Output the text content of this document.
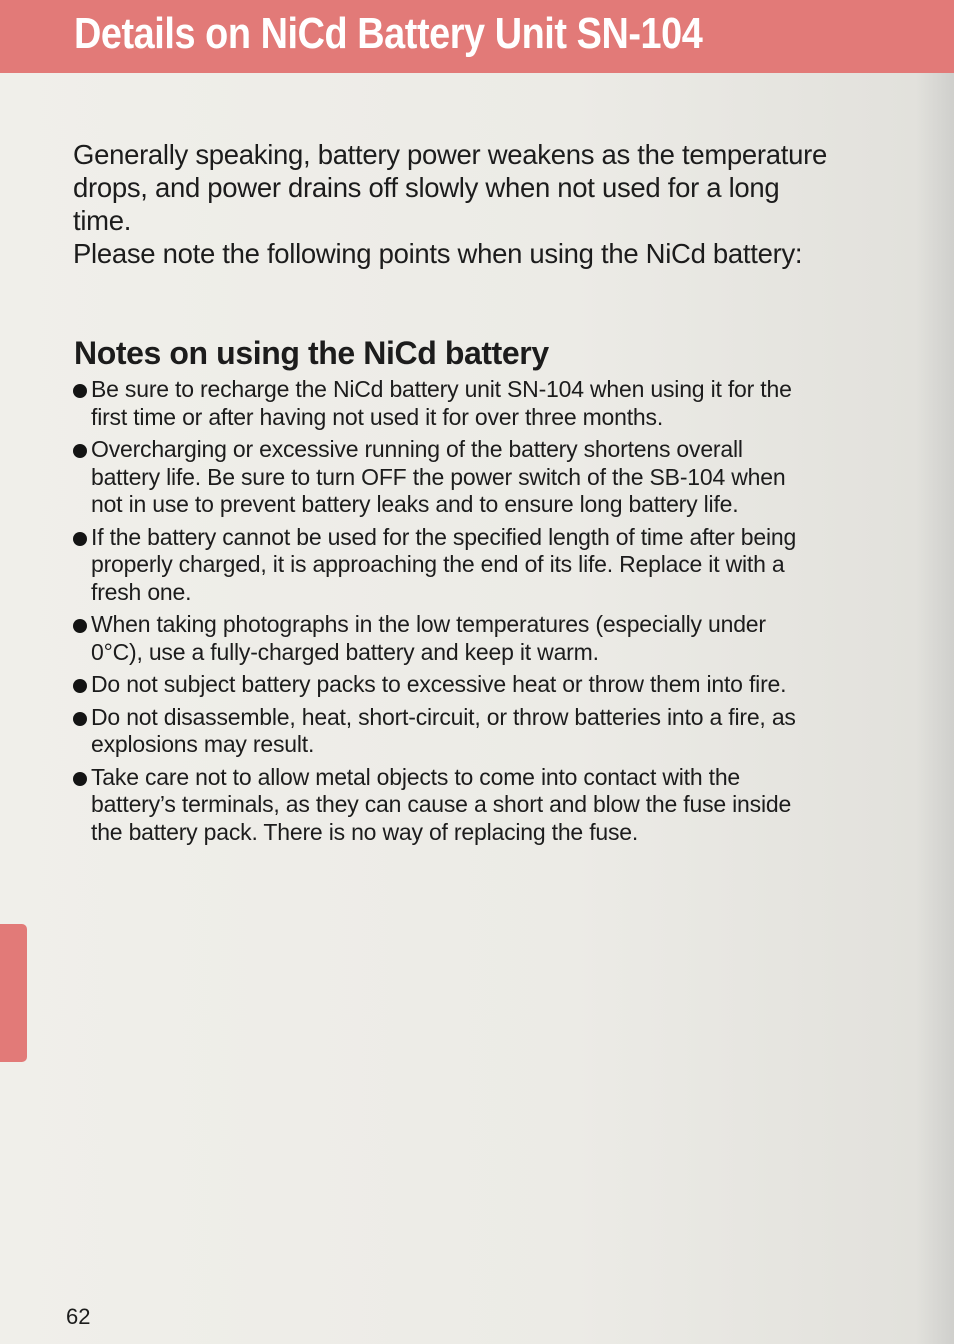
Details on NiCd Battery Unit SN-104

Generally speaking, battery power weakens as the temperature drops, and power drains off slowly when not used for a long time.

Please note the following points when using the NiCd battery:

Notes on using the NiCd battery
Be sure to recharge the NiCd battery unit SN-104 when using it for the first time or after having not used it for over three months.
Overcharging or excessive running of the battery shortens overall battery life. Be sure to turn OFF the power switch of the SB-104 when not in use to prevent battery leaks and to ensure long battery life.
If the battery cannot be used for the specified length of time after being properly charged, it is approaching the end of its life. Replace it with a fresh one.
When taking photographs in the low temperatures (especially under 0°C), use a fully-charged battery and keep it warm.
Do not subject battery packs to excessive heat or throw them into fire.
Do not disassemble, heat, short-circuit, or throw batteries into a fire, as explosions may result.
Take care not to allow metal objects to come into contact with the battery’s terminals, as they can cause a short and blow the fuse inside the battery pack. There is no way of replacing the fuse.
62
